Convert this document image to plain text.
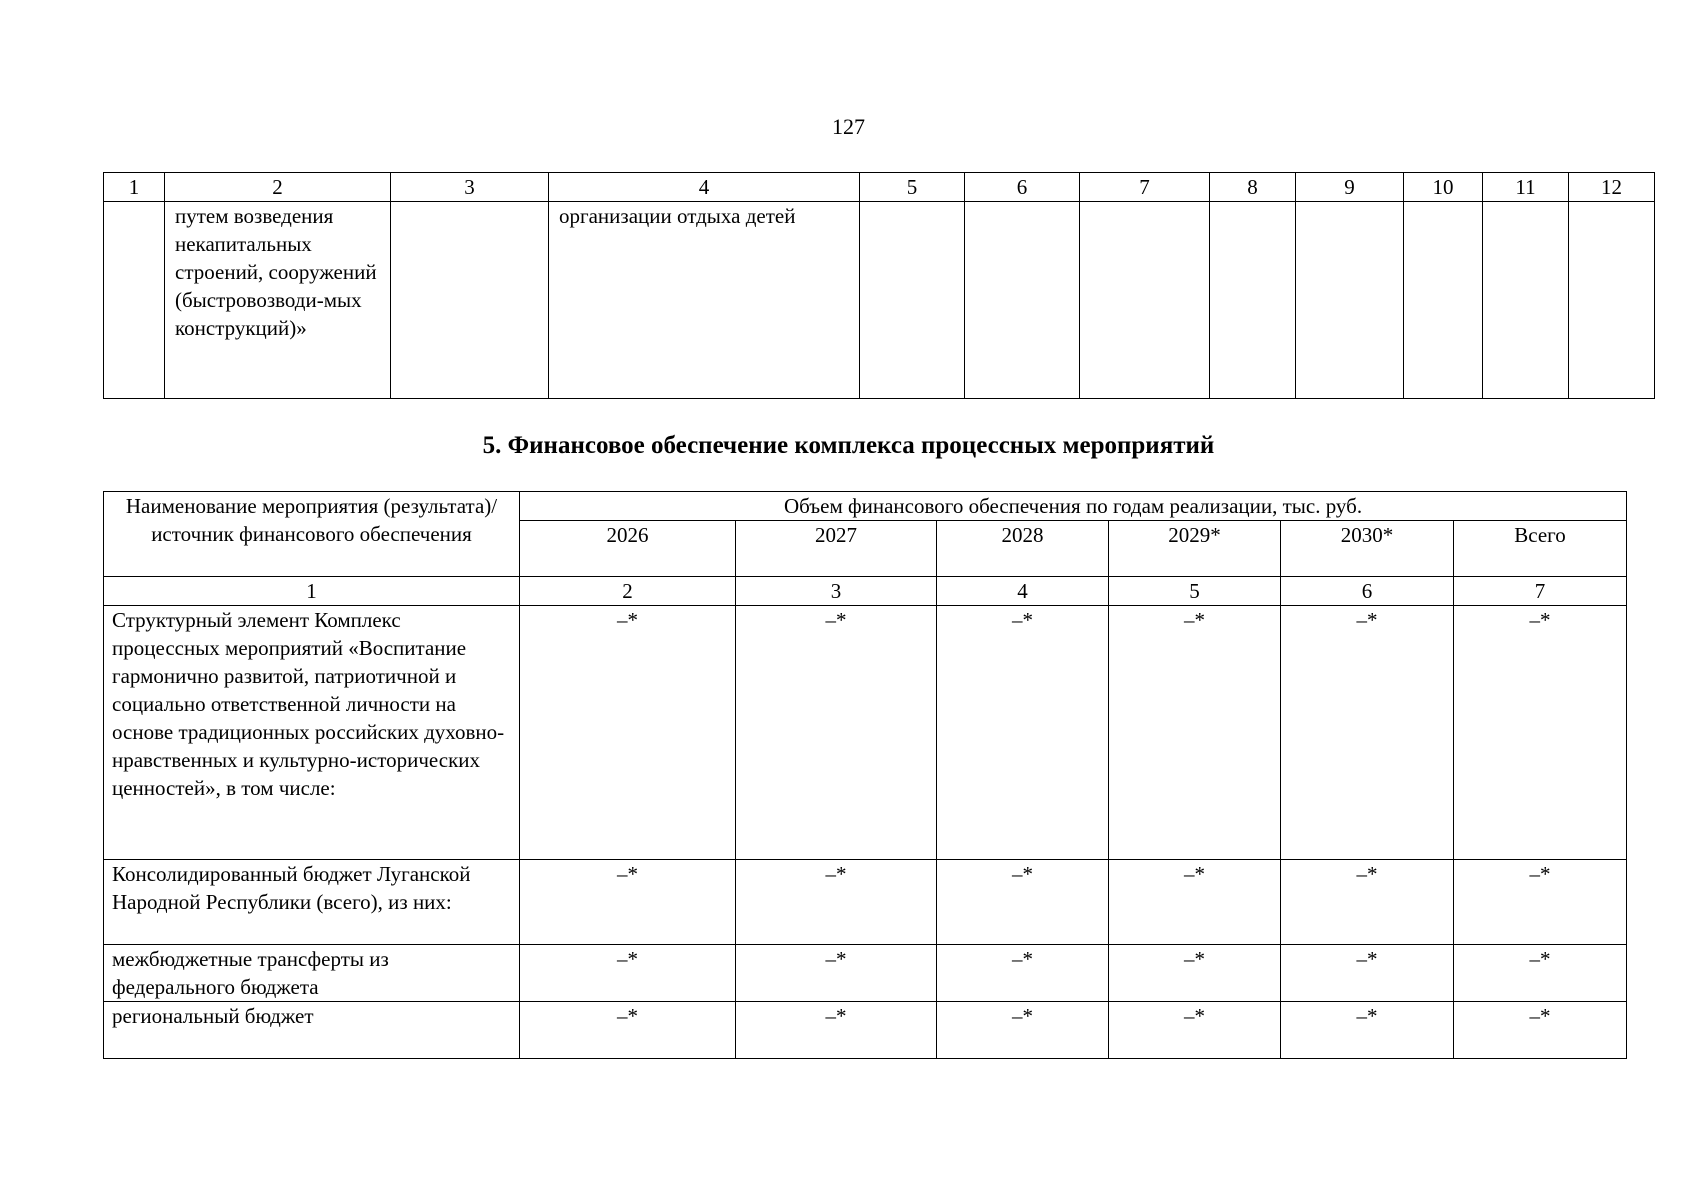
127
1	2	3	4	5	6	7	8	9	10	11	12
	путем возведения некапитальных строений, сооружений (быстровозводи-мых конструкций)»		организации отдыха детей								
5. Финансовое обеспечение комплекса процессных мероприятий
Наименование мероприятия (результата)/ источник финансового обеспечения	Объем финансового обеспечения по годам реализации, тыс. руб.					
	2026	2027	2028	2029*	2030*	Всего
1	2	3	4	5	6	7
Структурный элемент Комплекс процессных мероприятий «Воспитание гармонично развитой, патриотичной и социально ответственной личности на основе традиционных российских духовно-нравственных и культурно-исторических ценностей», в том числе:	–*	–*	–*	–*	–*	–*
Консолидированный бюджет Луганской Народной Республики (всего), из них:	–*	–*	–*	–*	–*	–*
межбюджетные трансферты из федерального бюджета	–*	–*	–*	–*	–*	–*
региональный бюджет	–*	–*	–*	–*	–*	–*
